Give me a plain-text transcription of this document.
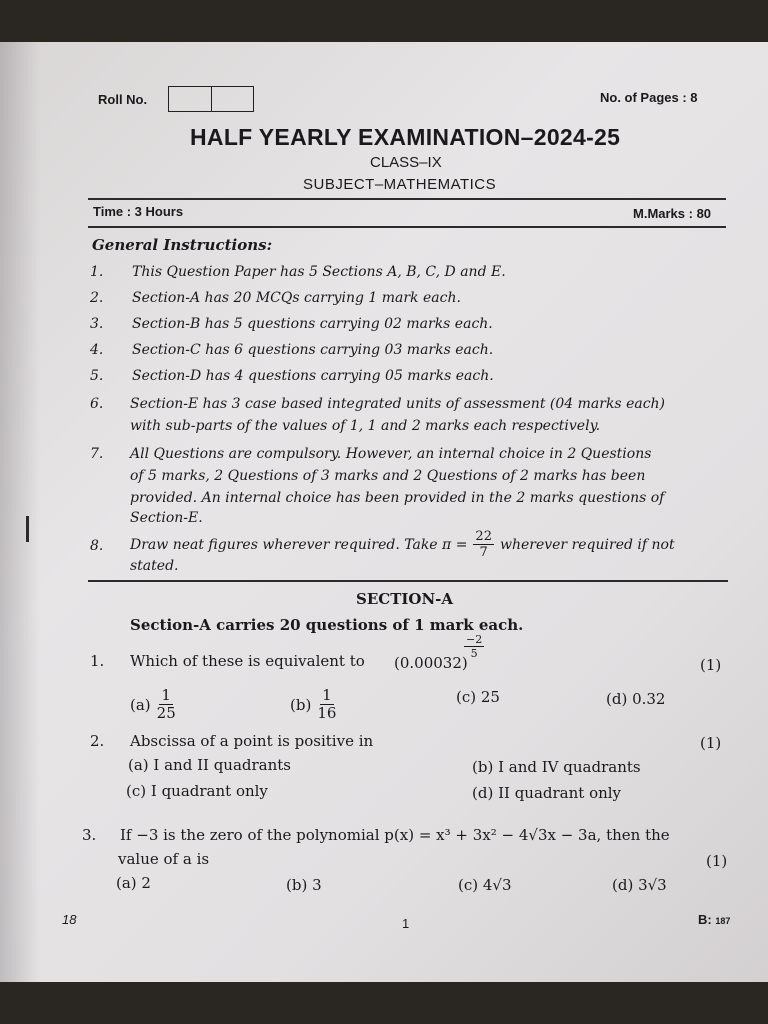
Roll No.	No. of Pages : 8
HALF YEARLY EXAMINATION–2024-25
CLASS–IX
SUBJECT–MATHEMATICS
Time : 3 Hours	M.Marks : 80
General Instructions:
1. This Question Paper has 5 Sections A, B, C, D and E.
2. Section-A has 20 MCQs carrying 1 mark each.
3. Section-B has 5 questions carrying 02 marks each.
4. Section-C has 6 questions carrying 03 marks each.
5. Section-D has 4 questions carrying 05 marks each.
6. Section-E has 3 case based integrated units of assessment (04 marks each)
with sub-parts of the values of 1, 1 and 2 marks each respectively.
7. All Questions are compulsory. However, an internal choice in 2 Questions
of 5 marks, 2 Questions of 3 marks and 2 Questions of 2 marks has been
provided. An internal choice has been provided in the 2 marks questions of
Section-E.
8. Draw neat figures wherever required. Take $\pi = \frac{22}{7}$ wherever required if not
stated.
SECTION-A
Section-A carries 20 questions of 1 mark each.
1. Which of these is equivalent to (0.00032)
$\frac{-2}{5}$
(1)
$(a) \frac{1}{25}$	$(b) \frac{1}{16}$	(c) 25	(d) 0.32
2. Abscissa of a point is positive in	(1)
(a) I and II quadrants	(b) I and IV quadrants
(c) I quadrant only	(d) II quadrant only
3. If −3 is the zero of the polynomial p(x) = x³ + 3x² − 4√3x − 3a, then the
value of a is	(1)
(a) 2	(b) 3	(c) 4√3	(d) 3√3
18	1	B: 187
